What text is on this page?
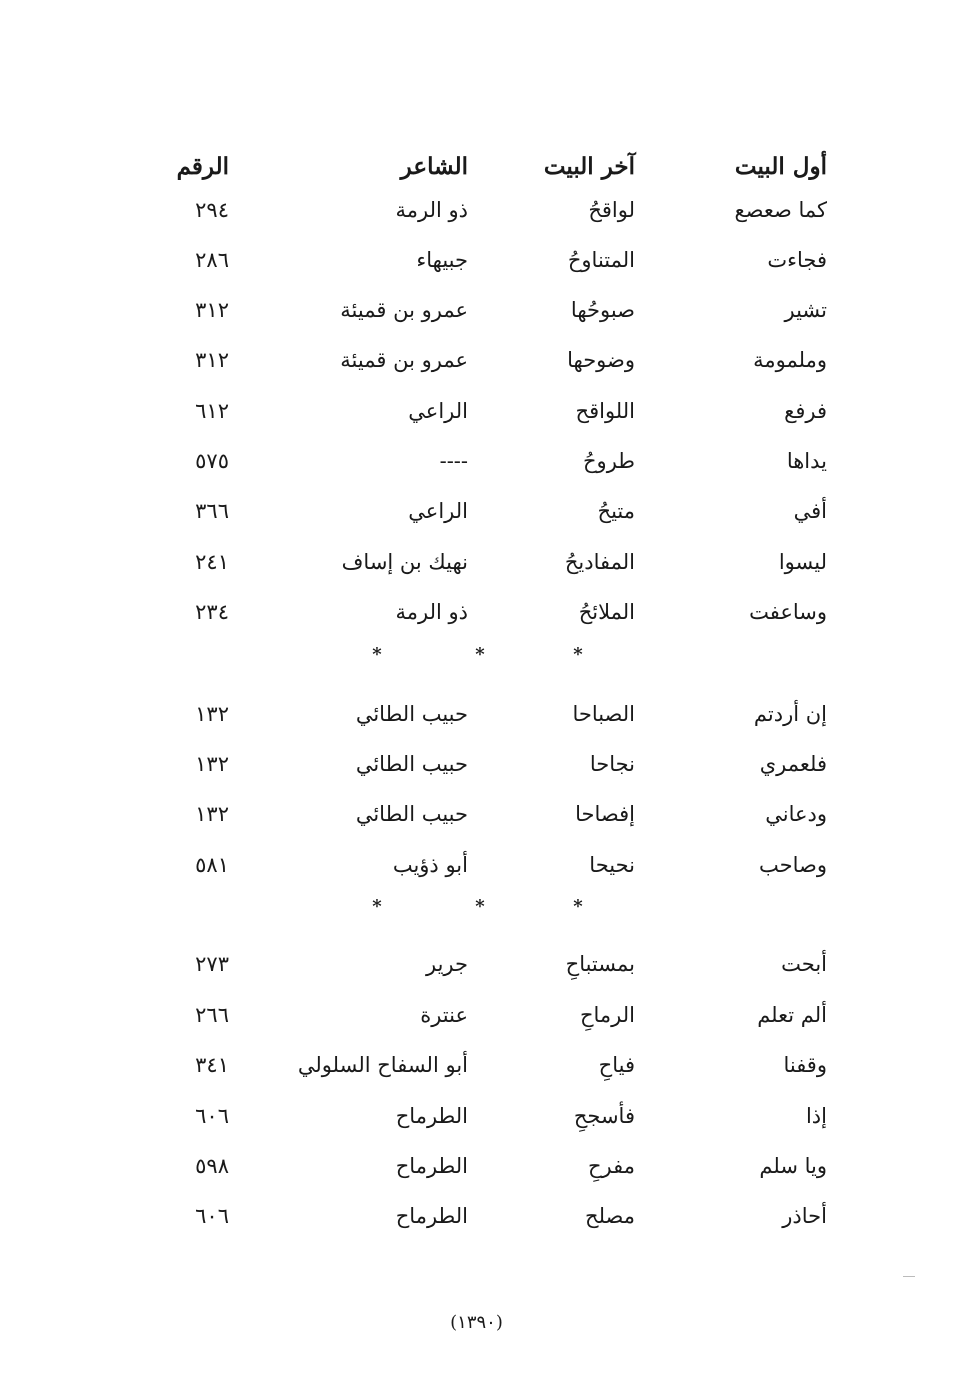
أول البيت
آخر البيت
الشاعر
الرقم
كما صعصع
لواقحُ
ذو الرمة
٢٩٤
فجاءت
المتناوحُ
جبيهاء
٢٨٦
تشير
صبوحُها
عمرو بن قميئة
٣١٢
وملمومة
وضوحها
عمرو بن قميئة
٣١٢
فرفع
اللواقح
الراعي
٦١٢
يداها
طروحُ
----
٥٧٥
أفي
متيحُ
الراعي
٣٦٦
ليسوا
المفاديحُ
نهيك بن إساف
٢٤١
وساعفت
الملائحُ
ذو الرمة
٢٣٤
*
*
*
إن أردتم
الصباحا
حبيب الطائي
١٣٢
فلعمري
نجاحا
حبيب الطائي
١٣٢
ودعاني
إفصاحا
حبيب الطائي
١٣٢
وصاحب
نحيحا
أبو ذؤيب
٥٨١
*
*
*
أبحت
بمستباحِ
جرير
٢٧٣
ألم تعلم
الرماحِ
عنترة
٢٦٦
وقفنا
فياحِ
أبو السفاح السلولي
٣٤١
إذا
فأسجحِ
الطرماح
٦٠٦
ويا سلم
مفرحِ
الطرماح
٥٩٨
أحاذر
مصلح
الطرماح
٦٠٦
(١٣٩٠)
